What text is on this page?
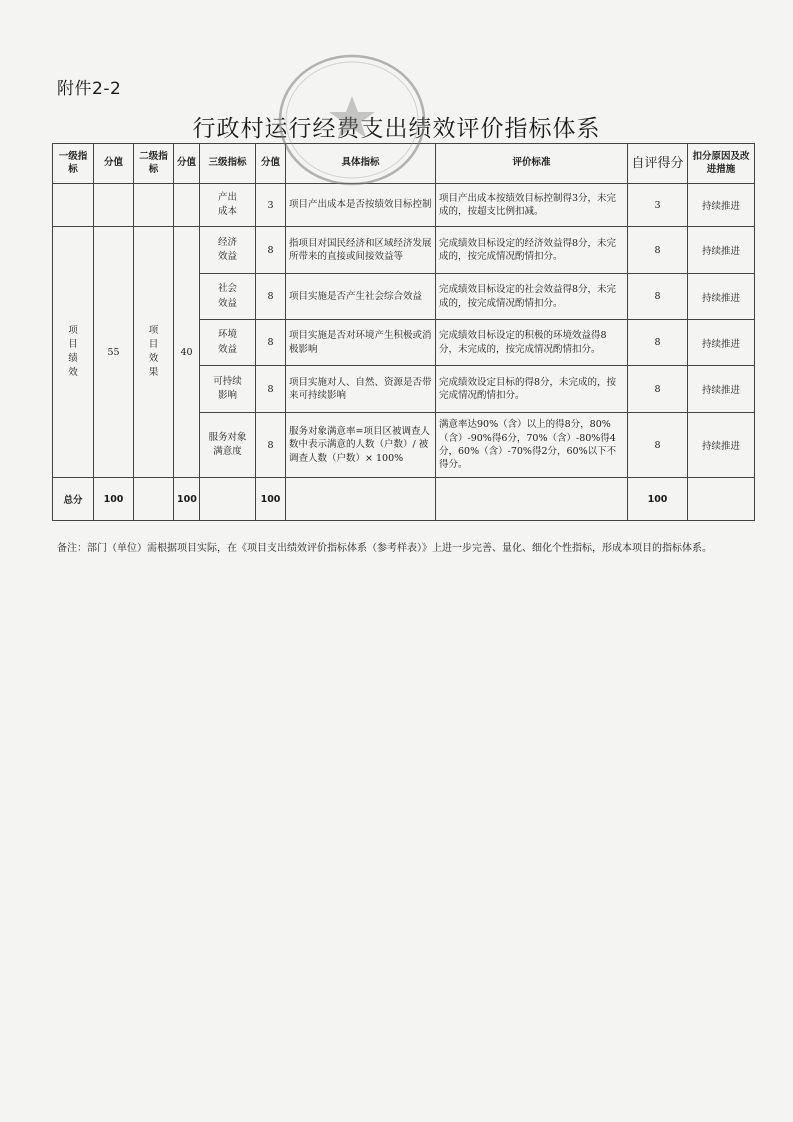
附件2-2
行政村运行经费支出绩效评价指标体系
一级指标	分值	二级指标	分值	三级指标	分值	具体指标	评价标准	自评得分	扣分原因及改进措施
				产出成本	3	项目产出成本是否按绩效目标控制	项目产出成本按绩效目标控制得3分，未完成的，按超支比例扣减。	3	持续推进
项目绩效	55	项目效果	40	经济效益	8	指项目对国民经济和区域经济发展所带来的直接或间接效益等	完成绩效目标设定的经济效益得8分，未完成的，按完成情况酌情扣分。	8	持续推进
				社会效益	8	项目实施是否产生社会综合效益	完成绩效目标设定的社会效益得8分，未完成的，按完成情况酌情扣分。	8	持续推进
				环境效益	8	项目实施是否对环境产生积极或消极影响	完成绩效目标设定的积极的环境效益得8分，未完成的，按完成情况酌情扣分。	8	持续推进
				可持续影响	8	项目实施对人、自然、资源是否带来可持续影响	完成绩效设定目标的得8分，未完成的，按完成情况酌情扣分。	8	持续推进
				服务对象满意度	8	服务对象满意率=项目区被调查人数中表示满意的人数（户数）/ 被调查人数（户数）× 100%	满意率达90%（含）以上的得8分，80%（含）-90%得6分，70%（含）-80%得4分，60%（含）-70%得2分，60%以下不得分。	8	持续推进
总分	100		100		100			100	
备注：部门（单位）需根据项目实际，在《项目支出绩效评价指标体系（参考样表）》上进一步完善、量化、细化个性指标，形成本项目的指标体系。
